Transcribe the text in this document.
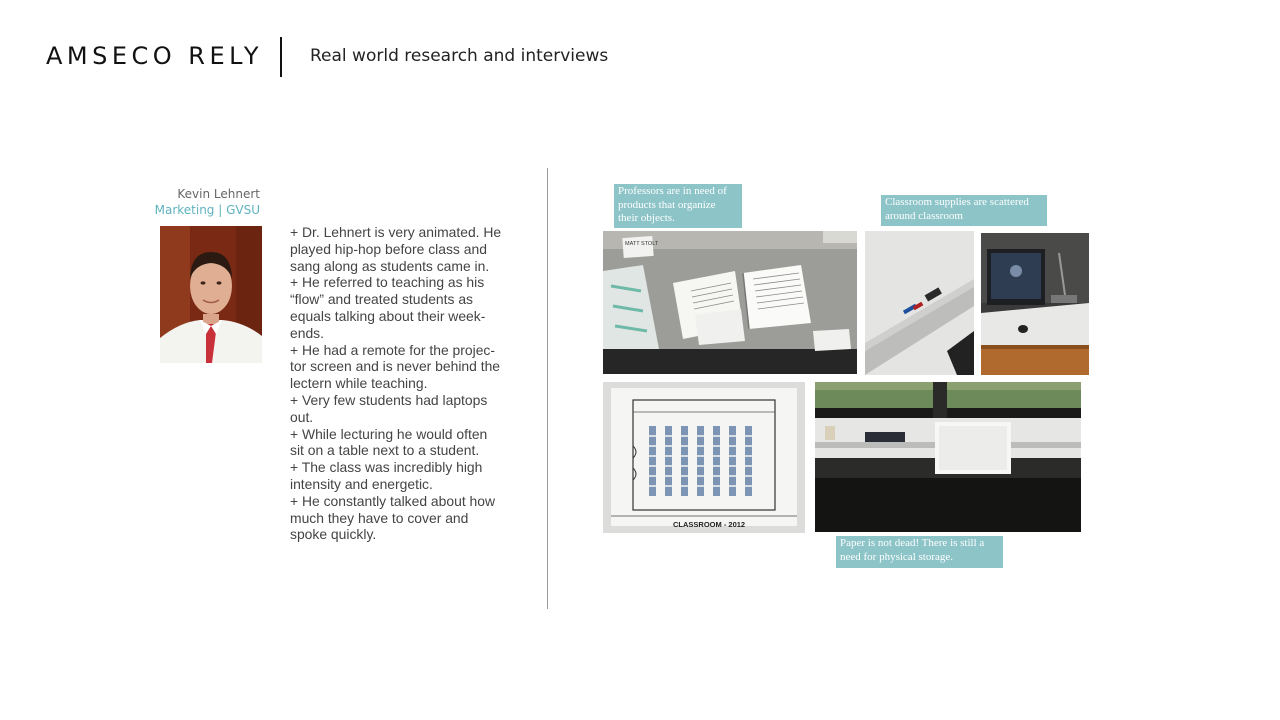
AMSECO RELY	Real world research and interviews
Kevin Lehnert
Marketing | GVSU
+ Dr. Lehnert is very animated. He played hip-hop before class and sang along as students came in.
+ He referred to teaching as his “flow” and treated students as equals talking about their week-ends.
+ He had a remote for the projec-tor screen and is never behind the lectern while teaching.
+ Very few students had laptops out.
+ While lecturing he would often sit on a table next to a student.
+ The class was incredibly high intensity and energetic.
+ He constantly talked about how much they have to cover and spoke quickly.
Professors are in need of products that organize their objects.
MATT STOLT
Classroom supplies are scattered around classroom
CLASSROOM - 2012
Paper is not dead! There is still a need for physical storage.
